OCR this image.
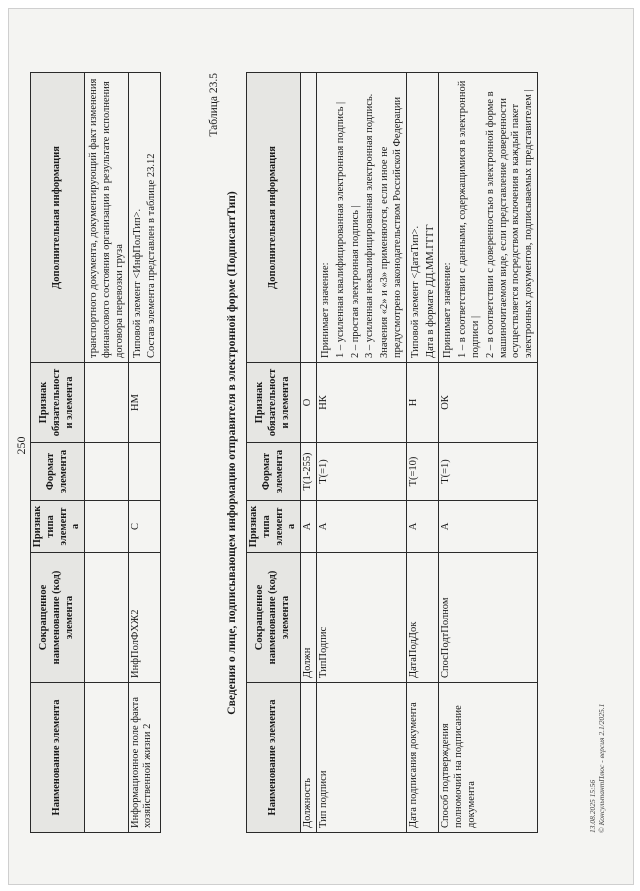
250
Наименование элемента	Сокращенное наименование (код) элемента	Признак типа элемента	Формат элемента	Признак обязательности элемента	Дополнительная информация

					транспортного документа, документирующий факт изменения финансового состояния организации в результате исполнения договора перевозки груза

Информационное поле факта хозяйственной жизни 2	ИнфПолФХЖ2	С		НМ	Типовой элемент <ИнфПолТип>. Состав элемента представлен в таблице 23.12
Таблица 23.5
Сведения о лице, подписывающем информацию отправителя в электронной форме (ПодписантТип)
Наименование элемента	Сокращенное наименование (код) элемента	Признак типа элемента	Формат элемента	Признак обязательности элемента	Дополнительная информация
Должность	Должн	А	T(1-255)	О	

Тип подписи	ТипПодпис	А	T(=1)	НК	Принимает значение: 1 – усиленная квалифицированная электронная подпись | 2 – простая электронная подпись | 3 – усиленная неквалифицированная электронная подпись. Значения «2» и «3» применяются, если иное не предусмотрено законодательством Российской Федерации

Дата подписания документа	ДатаПодДок	А	T(=10)	Н	Типовой элемент <ДатаТип>. Дата в формате ДД.ММ.ГГГГ

Способ подтверждения полномочий на подписание документа	СпосПодтПолном	А	T(=1)	ОК	Принимает значение: 1 – в соответствии с данными, содержащимися в электронной подписи | 2 – в соответствии с доверенностью в электронной форме в машиночитаемом виде, если представление доверенности осуществляется посредством включения в каждый пакет электронных документов, подписываемых представителем |
13.08.2025 15:56 © КонсультантПлюс - версия 2.1/2025.1
